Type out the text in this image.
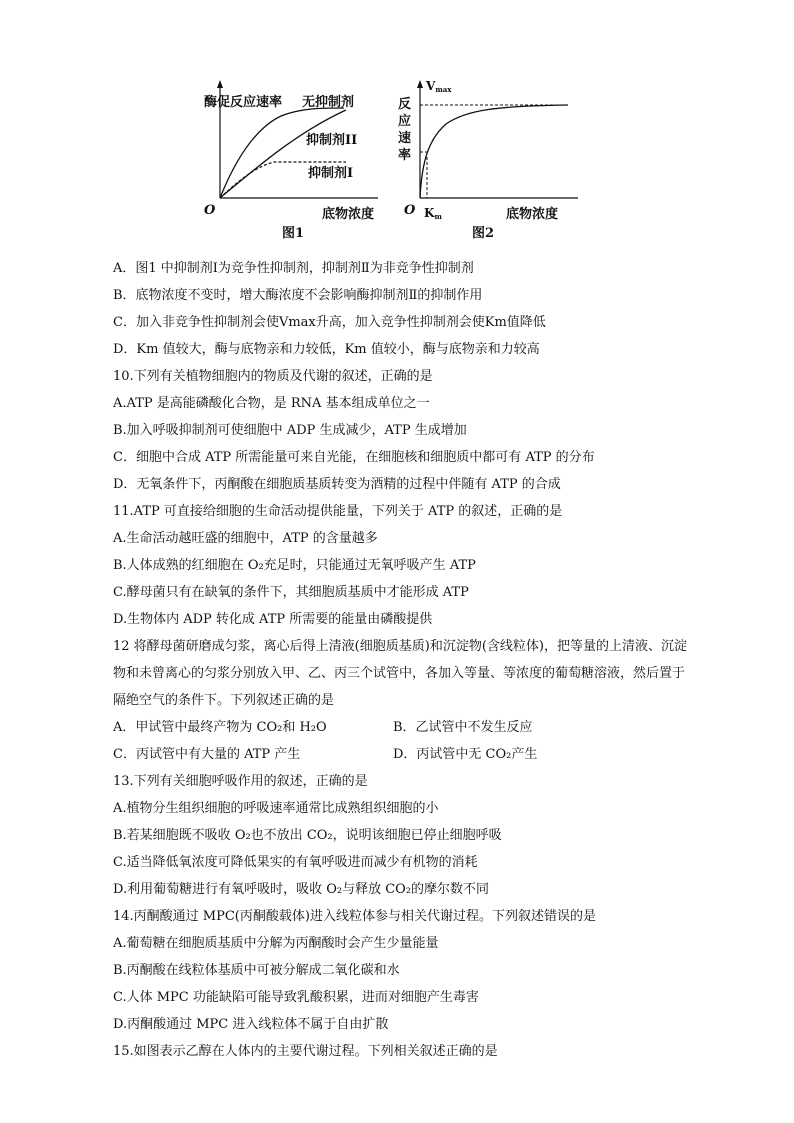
酶促反应速率 无抑制剂
抑制剂II
抑制剂I
O	底物浓度
图1
Vmax
反
应
速
率
O Km	底物浓度
图2
A．图1 中抑制剂Ⅰ为竞争性抑制剂，抑制剂Ⅱ为非竞争性抑制剂
B．底物浓度不变时，增大酶浓度不会影响酶抑制剂Ⅱ的抑制作用
C．加入非竞争性抑制剂会使Vmax升高，加入竞争性抑制剂会使Km值降低
D．Km 值较大，酶与底物亲和力较低，Km 值较小，酶与底物亲和力较高
10.下列有关植物细胞内的物质及代谢的叙述，正确的是
A.ATP 是高能磷酸化合物，是 RNA 基本组成单位之一
B.加入呼吸抑制剂可使细胞中 ADP 生成减少，ATP 生成增加
C．细胞中合成 ATP 所需能量可来自光能，在细胞核和细胞质中都可有 ATP 的分布
D．无氧条件下，丙酮酸在细胞质基质转变为酒精的过程中伴随有 ATP 的合成
11.ATP 可直接给细胞的生命活动提供能量，下列关于 ATP 的叙述，正确的是
A.生命活动越旺盛的细胞中，ATP 的含量越多
B.人体成熟的红细胞在 O₂充足时，只能通过无氧呼吸产生 ATP
C.酵母菌只有在缺氧的条件下，其细胞质基质中才能形成 ATP
D.生物体内 ADP 转化成 ATP 所需要的能量由磷酸提供
12 将酵母菌研磨成匀浆，离心后得上清液(细胞质基质)和沉淀物(含线粒体)，把等量的上清液、沉淀物和未曾离心的匀浆分别放入甲、乙、丙三个试管中，各加入等量、等浓度的葡萄糖溶液，然后置于隔绝空气的条件下。下列叙述正确的是
A．甲试管中最终产物为 CO₂和 H₂O	B．乙试管中不发生反应
C．丙试管中有大量的 ATP 产生	D．丙试管中无 CO₂产生
13.下列有关细胞呼吸作用的叙述，正确的是
A.植物分生组织细胞的呼吸速率通常比成熟组织细胞的小
B.若某细胞既不吸收 O₂也不放出 CO₂，说明该细胞已停止细胞呼吸
C.适当降低氧浓度可降低果实的有氧呼吸进而减少有机物的消耗
D.利用葡萄糖进行有氧呼吸时，吸收 O₂与释放 CO₂的摩尔数不同
14.丙酮酸通过 MPC(丙酮酸载体)进入线粒体参与相关代谢过程。下列叙述错误的是
A.葡萄糖在细胞质基质中分解为丙酮酸时会产生少量能量
B.丙酮酸在线粒体基质中可被分解成二氧化碳和水
C.人体 MPC 功能缺陷可能导致乳酸积累，进而对细胞产生毒害
D.丙酮酸通过 MPC 进入线粒体不属于自由扩散
15.如图表示乙醇在人体内的主要代谢过程。下列相关叙述正确的是
